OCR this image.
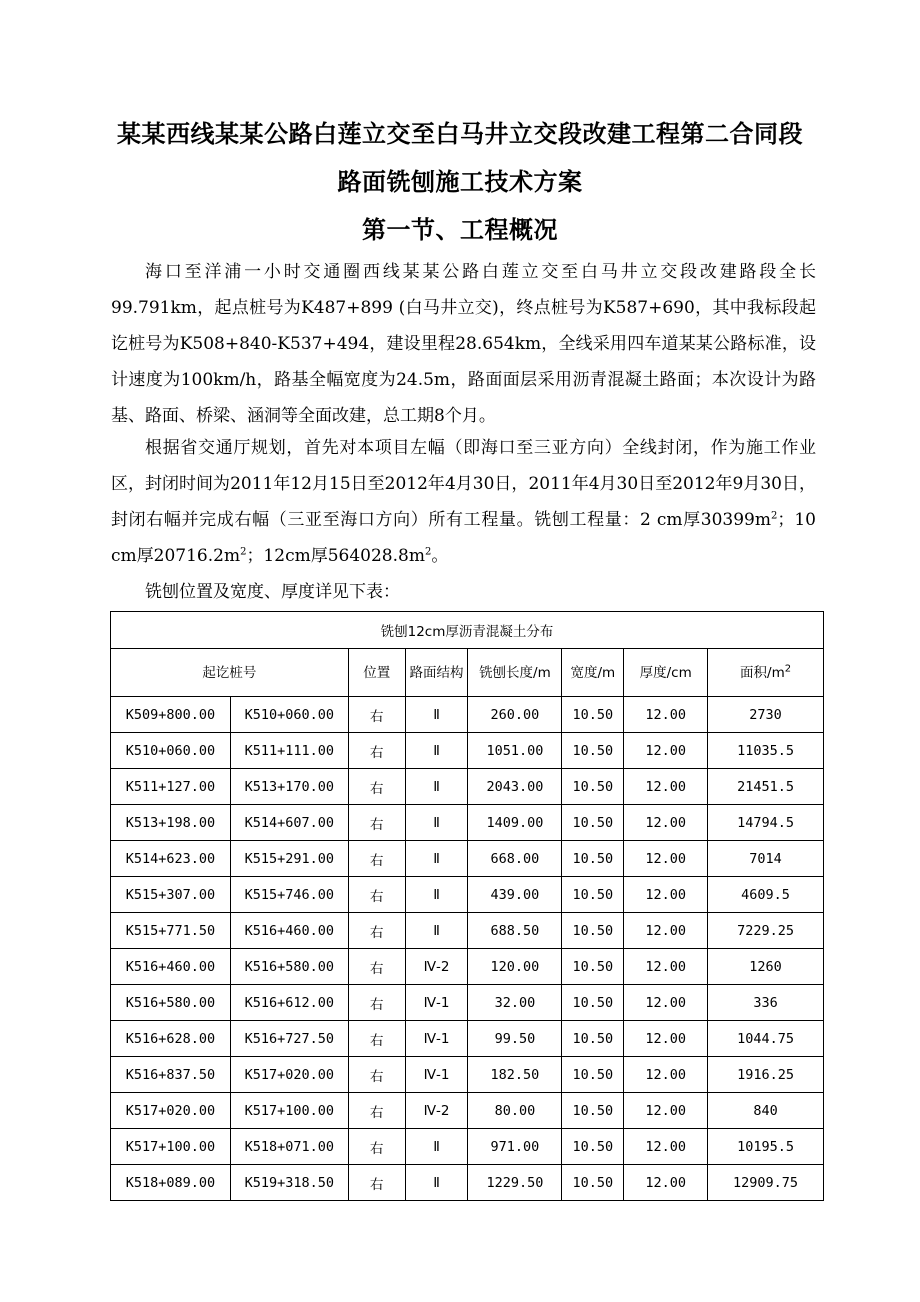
某某西线某某公路白莲立交至白马井立交段改建工程第二合同段
路面铣刨施工技术方案
第一节、工程概况
海口至洋浦一小时交通圈西线某某公路白莲立交至白马井立交段改建路段全长99.791km，起点桩号为K487+899 (白马井立交)，终点桩号为K587+690，其中我标段起讫桩号为K508+840-K537+494，建设里程28.654km，全线采用四车道某某公路标准，设计速度为100km/h，路基全幅宽度为24.5m，路面面层采用沥青混凝土路面；本次设计为路基、路面、桥梁、涵洞等全面改建，总工期8个月。
根据省交通厅规划，首先对本项目左幅（即海口至三亚方向）全线封闭，作为施工作业区，封闭时间为2011年12月15日至2012年4月30日，2011年4月30日至2012年9月30日，封闭右幅并完成右幅（三亚至海口方向）所有工程量。铣刨工程量：2 cm厚$30399m^2$；10 cm厚$20716.2m^2$；12cm厚$564028.8m^2$。
铣刨位置及宽度、厚度详见下表：
铣刨12cm厚沥青混凝土分布							
起讫桩号		位置	路面结构	铣刨长度/m	宽度/m	厚度/cm	面积$/m^2$
K509+800.00	K510+060.00	右	Ⅱ	260.00	10.50	12.00	2730
K510+060.00	K511+111.00	右	Ⅱ	1051.00	10.50	12.00	11035.5
K511+127.00	K513+170.00	右	Ⅱ	2043.00	10.50	12.00	21451.5
K513+198.00	K514+607.00	右	Ⅱ	1409.00	10.50	12.00	14794.5
K514+623.00	K515+291.00	右	Ⅱ	668.00	10.50	12.00	7014
K515+307.00	K515+746.00	右	Ⅱ	439.00	10.50	12.00	4609.5
K515+771.50	K516+460.00	右	Ⅱ	688.50	10.50	12.00	7229.25
K516+460.00	K516+580.00	右	Ⅳ-2	120.00	10.50	12.00	1260
K516+580.00	K516+612.00	右	Ⅳ-1	32.00	10.50	12.00	336
K516+628.00	K516+727.50	右	Ⅳ-1	99.50	10.50	12.00	1044.75
K516+837.50	K517+020.00	右	Ⅳ-1	182.50	10.50	12.00	1916.25
K517+020.00	K517+100.00	右	Ⅳ-2	80.00	10.50	12.00	840
K517+100.00	K518+071.00	右	Ⅱ	971.00	10.50	12.00	10195.5
K518+089.00	K519+318.50	右	Ⅱ	1229.50	10.50	12.00	12909.75
